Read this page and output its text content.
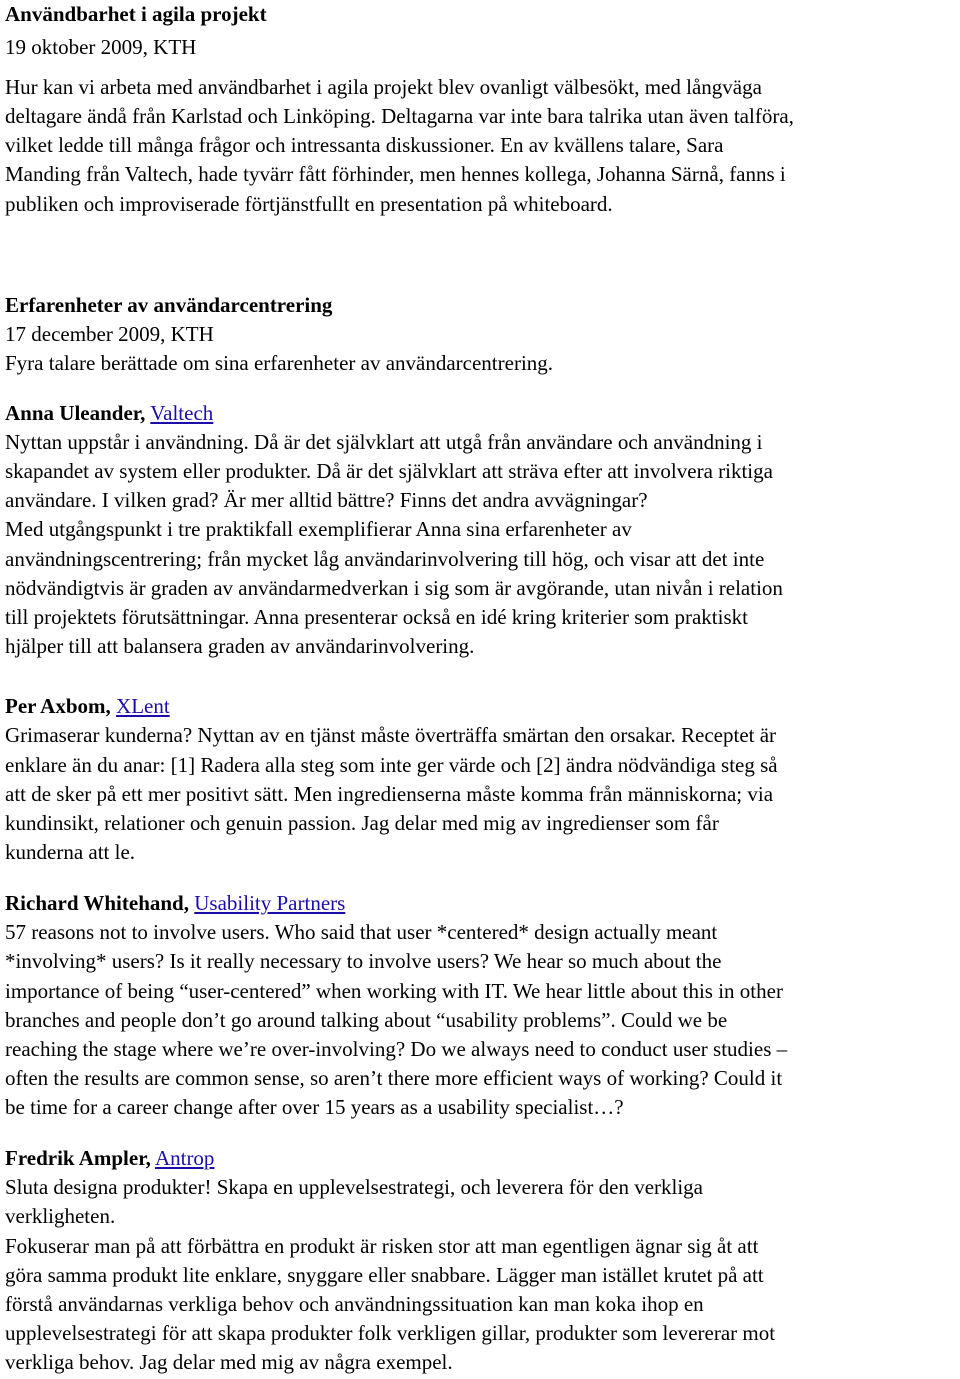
Användbarhet i agila projekt
19 oktober 2009, KTH
Hur kan vi arbeta med användbarhet i agila projekt blev ovanligt välbesökt, med långväga
deltagare ändå från Karlstad och Linköping. Deltagarna var inte bara talrika utan även talföra,
vilket ledde till många frågor och intressanta diskussioner. En av kvällens talare, Sara
Manding från Valtech, hade tyvärr fått förhinder, men hennes kollega, Johanna Särnå, fanns i
publiken och improviserade förtjänstfullt en presentation på whiteboard.
Erfarenheter av användarcentrering
17 december 2009, KTH
Fyra talare berättade om sina erfarenheter av användarcentrering.
Anna Uleander, Valtech
Nyttan uppstår i användning. Då är det självklart att utgå från användare och användning i
skapandet av system eller produkter. Då är det självklart att sträva efter att involvera riktiga
användare. I vilken grad? Är mer alltid bättre? Finns det andra avvägningar?
Med utgångspunkt i tre praktikfall exemplifierar Anna sina erfarenheter av
användningscentrering; från mycket låg användarinvolvering till hög, och visar att det inte
nödvändigtvis är graden av användarmedverkan i sig som är avgörande, utan nivån i relation
till projektets förutsättningar. Anna presenterar också en idé kring kriterier som praktiskt
hjälper till att balansera graden av användarinvolvering.
Per Axbom, XLent
Grimaserar kunderna? Nyttan av en tjänst måste överträffa smärtan den orsakar. Receptet är
enklare än du anar: [1] Radera alla steg som inte ger värde och [2] ändra nödvändiga steg så
att de sker på ett mer positivt sätt. Men ingredienserna måste komma från människorna; via
kundinsikt, relationer och genuin passion. Jag delar med mig av ingredienser som får
kunderna att le.
Richard Whitehand, Usability Partners
57 reasons not to involve users. Who said that user *centered* design actually meant
*involving* users? Is it really necessary to involve users? We hear so much about the
importance of being “user-centered” when working with IT. We hear little about this in other
branches and people don’t go around talking about “usability problems”. Could we be
reaching the stage where we’re over-involving? Do we always need to conduct user studies –
often the results are common sense, so aren’t there more efficient ways of working? Could it
be time for a career change after over 15 years as a usability specialist…?
Fredrik Ampler, Antrop
Sluta designa produkter! Skapa en upplevelsestrategi, och leverera för den verkliga
verkligheten.
Fokuserar man på att förbättra en produkt är risken stor att man egentligen ägnar sig åt att
göra samma produkt lite enklare, snyggare eller snabbare. Lägger man istället krutet på att
förstå användarnas verkliga behov och användningssituation kan man koka ihop en
upplevelsestrategi för att skapa produkter folk verkligen gillar, produkter som levererar mot
verkliga behov. Jag delar med mig av några exempel.
